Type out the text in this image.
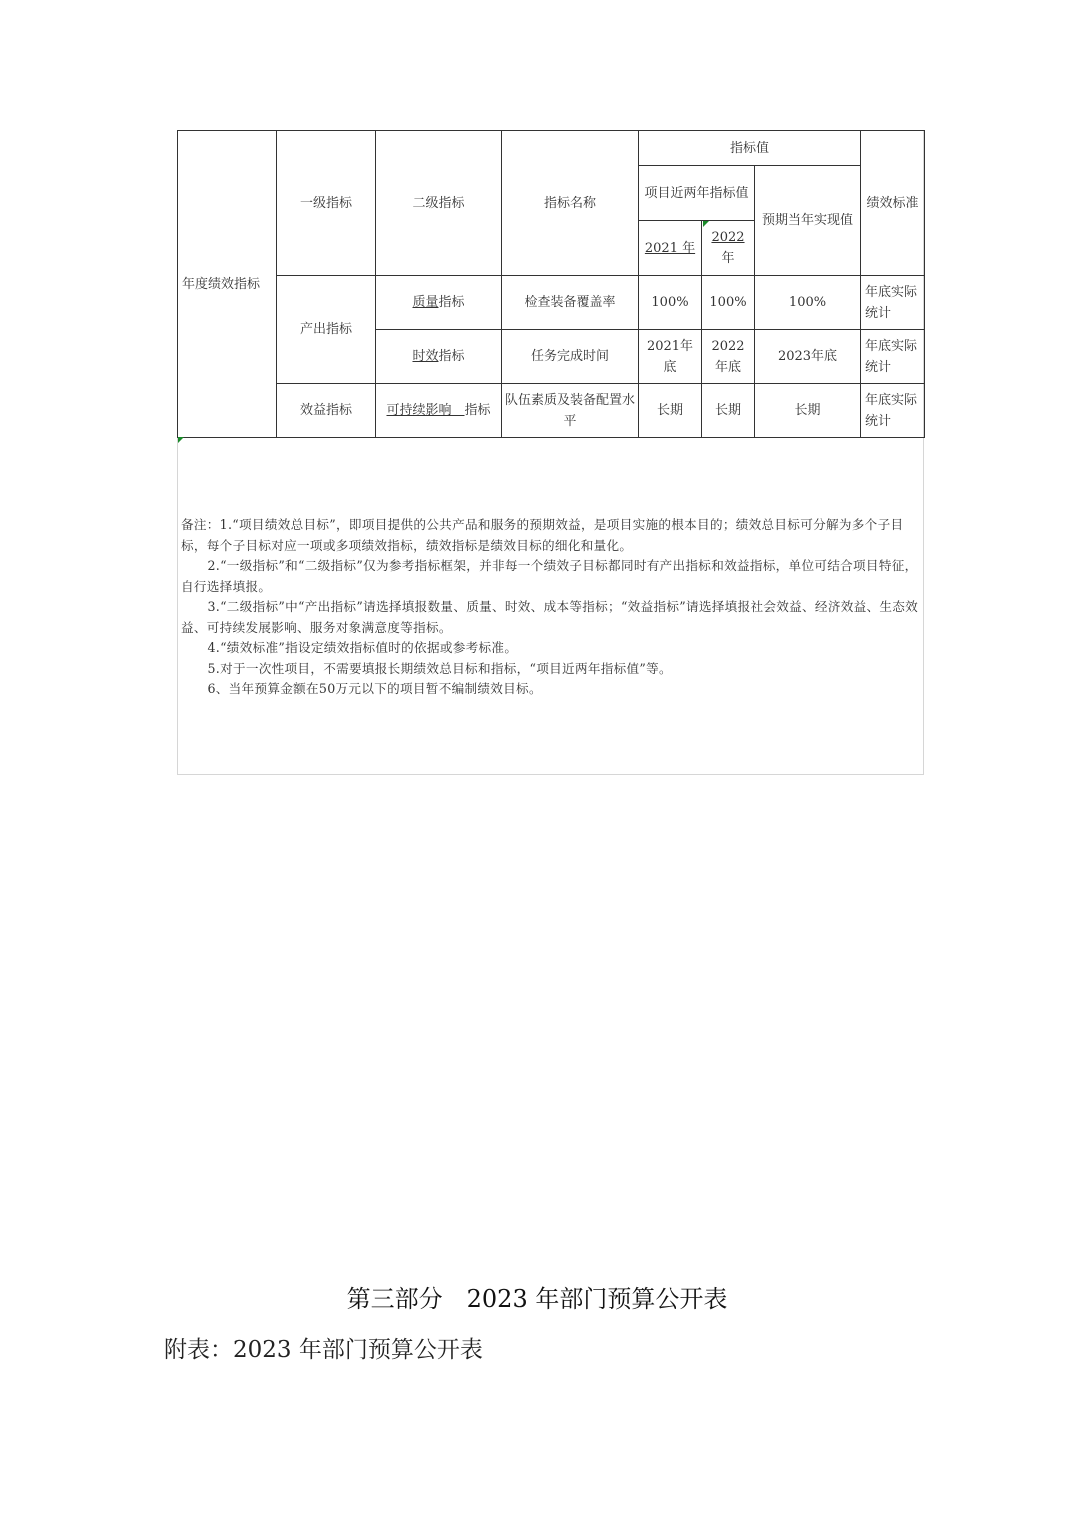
年度绩效指标	一级指标	二级指标	指标名称	指标值			绩效标准
				项目近两年指标值		预期当年实现值	
				2021 年	2022
年		
	产出指标	质量指标	检查装备覆盖率	100%	100%	100%	年底实际统计
		时效指标	任务完成时间	2021年底	2022年底	2023年底	年底实际统计
	效益指标	可持续影响　指标	队伍素质及装备配置水平	长期	长期	长期	年底实际统计

备注：1.“项目绩效总目标”，即项目提供的公共产品和服务的预期效益，是项目实施的根本目的；绩效总目标可分解为多个子目标，每个子目标对应一项或多项绩效指标，绩效指标是绩效目标的细化和量化。

2.“一级指标”和“二级指标”仅为参考指标框架，并非每一个绩效子目标都同时有产出指标和效益指标，单位可结合项目特征，自行选择填报。

3.“二级指标”中“产出指标”请选择填报数量、质量、时效、成本等指标；“效益指标”请选择填报社会效益、经济效益、生态效益、可持续发展影响、服务对象满意度等指标。

4.“绩效标准”指设定绩效指标值时的依据或参考标准。

5.对于一次性项目，不需要填报长期绩效总目标和指标，“项目近两年指标值”等。

6、当年预算金额在50万元以下的项目暂不编制绩效目标。

第三部分　2023 年部门预算公开表
附表：2023 年部门预算公开表
